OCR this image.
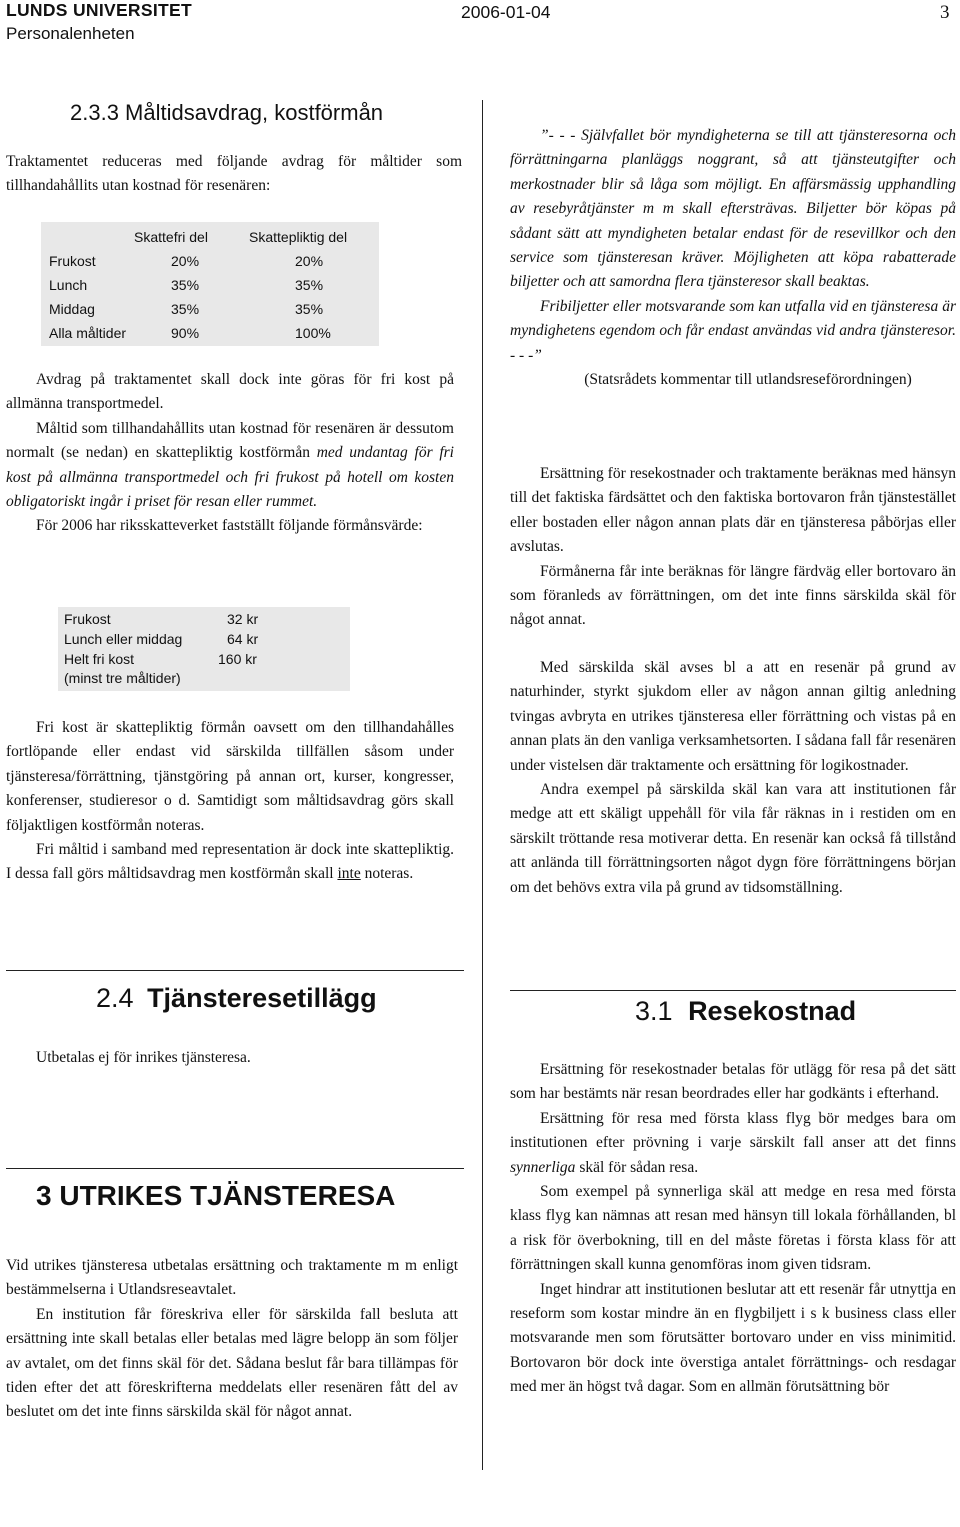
LUNDS UNIVERSITET
Personalenheten
2006-01-04	3
2.3.3 Måltidsavdrag, kostförmån

Traktamentet reduceras med följande avdrag för måltider som tillhandahållits utan kostnad för resenären:

Skattefri del	Skattepliktig del
Frukost	20%	20%
Lunch	35%	35%
Middag	35%	35%
Alla måltider	90%	100%

Avdrag på traktamentet skall dock inte göras för fri kost på allmänna transportmedel.

Måltid som tillhandahållits utan kostnad för resenären är dessutom normalt (se nedan) en skattepliktig kostförmån med undantag för fri kost på allmänna transportmedel och fri frukost på hotell om kosten obligatoriskt ingår i priset för resan eller rummet.

För 2006 har riksskatteverket fastställt följande förmånsvärde:

Frukost	32 kr
Lunch eller middag	64 kr
Helt fri kost	160 kr
(minst tre måltider)

Fri kost är skattepliktig förmån oavsett om den tillhandahålles fortlöpande eller endast vid särskilda tillfällen såsom under tjänsteresa/förrättning, tjänstgöring på annan ort, kurser, kongresser, konferenser, studieresor o d. Samtidigt som måltidsavdrag görs skall följaktligen kostförmån noteras.

Fri måltid i samband med representation är dock inte skattepliktig. I dessa fall görs måltidsavdrag men kostförmån skall inte noteras.

2.4 Tjänsteresetillägg

Utbetalas ej för inrikes tjänsteresa.

3 UTRIKES TJÄNSTERESA

Vid utrikes tjänsteresa utbetalas ersättning och traktamente m m enligt bestämmelserna i Utlandsreseavtalet.

En institution får föreskriva eller för särskilda fall besluta att ersättning inte skall betalas eller betalas med lägre belopp än som följer av avtalet, om det finns skäl för det. Sådana beslut får bara tillämpas för tiden efter det att föreskrifterna meddelats eller resenären fått del av beslutet om det inte finns särskilda skäl för något annat.

”- - - Självfallet bör myndigheterna se till att tjänsteresorna och förrättningarna planläggs noggrant, så att tjänsteutgifter och merkostnader blir så låga som möjligt. En affärsmässig upphandling av resebyråtjänster m m skall eftersträvas. Biljetter bör köpas på sådant sätt att myndigheten betalar endast för de resevillkor och den service som tjänsteresan kräver. Möjligheten att köpa rabatterade biljetter och att samordna flera tjänsteresor skall beaktas.

Fribiljetter eller motsvarande som kan utfalla vid en tjänsteresa är myndighetens egendom och får endast användas vid andra tjänsteresor. - - -”

(Statsrådets kommentar till utlandsreseförordningen)

Ersättning för resekostnader och traktamente beräknas med hänsyn till det faktiska färdsättet och den faktiska bortovaron från tjänstestället eller bostaden eller någon annan plats där en tjänsteresa påbörjas eller avslutas.

Förmånerna får inte beräknas för längre färdväg eller bortovaro än som föranleds av förrättningen, om det inte finns särskilda skäl för något annat.

Med särskilda skäl avses bl a att en resenär på grund av naturhinder, styrkt sjukdom eller av någon annan giltig anledning tvingas avbryta en utrikes tjänsteresa eller förrättning och vistas på en annan plats än den vanliga verksamhetsorten. I sådana fall får resenären under vistelsen där traktamente och ersättning för logikostnader.

Andra exempel på särskilda skäl kan vara att institutionen får medge att ett skäligt uppehåll för vila får räknas in i restiden om en särskilt tröttande resa motiverar detta. En resenär kan också få tillstånd att anlända till förrättningsorten något dygn före förrättningens början om det behövs extra vila på grund av tidsomställning.

3.1 Resekostnad

Ersättning för resekostnader betalas för utlägg för resa på det sätt som har bestämts när resan beordrades eller har godkänts i efterhand.

Ersättning för resa med första klass flyg bör medges bara om institutionen efter prövning i varje särskilt fall anser att det finns synnerliga skäl för sådan resa.

Som exempel på synnerliga skäl att medge en resa med första klass flyg kan nämnas att resan med hänsyn till lokala förhållanden, bl a risk för överbokning, till en del måste företas i första klass för att förrättningen skall kunna genomföras inom given tidsram.

Inget hindrar att institutionen beslutar att ett resenär får utnyttja en reseform som kostar mindre än en flygbiljett i s k business class eller motsvarande men som förutsätter bortovaro under en viss minimitid. Bortovaron bör dock inte överstiga antalet förrättnings- och resdagar med mer än högst två dagar. Som en allmän förutsättning bör
